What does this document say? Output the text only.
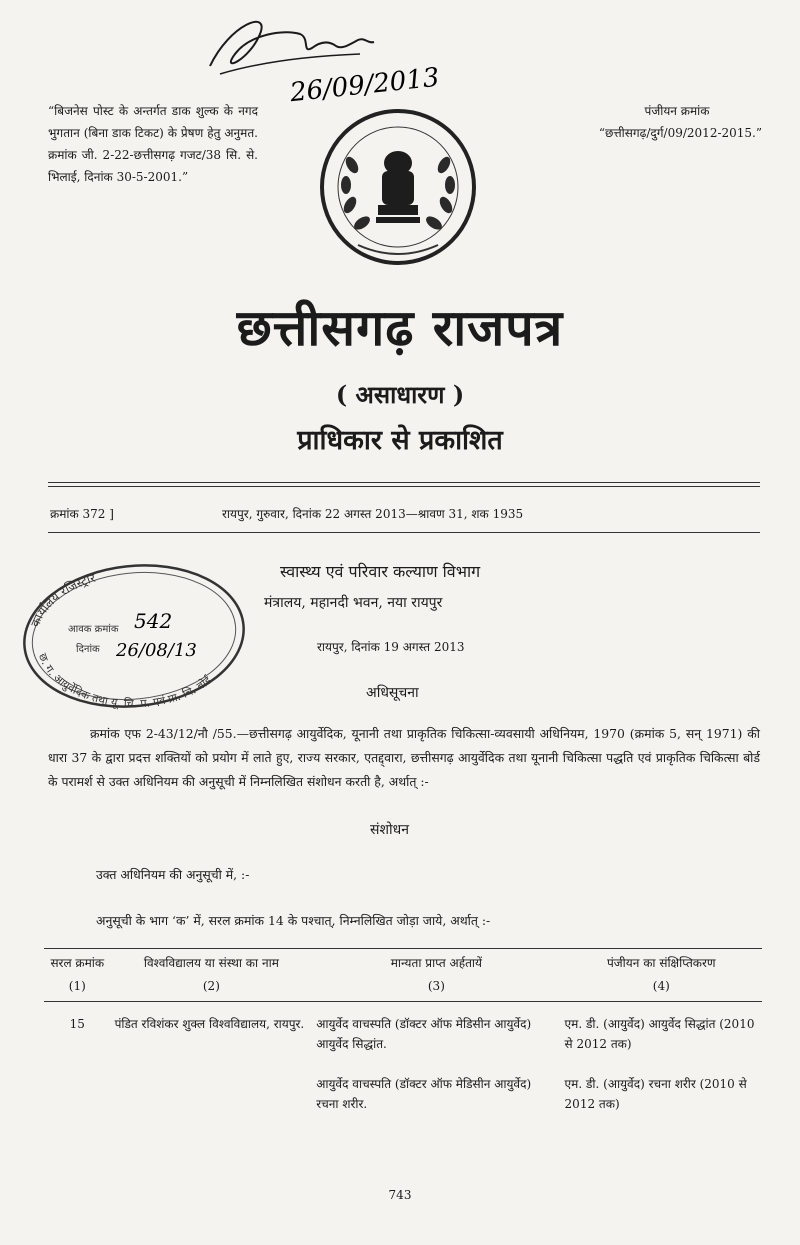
26/09/2013
“बिजनेस पोस्ट के अन्तर्गत डाक शुल्क के नगद भुगतान (बिना डाक टिकट) के प्रेषण हेतु अनुमत. क्रमांक जी. 2-22-छत्तीसगढ़ गजट/38 सि. से. भिलाई, दिनांक 30-5-2001.”
पंजीयन क्रमांक
“छत्तीसगढ़/दुर्ग/09/2012-2015.”
छत्तीसगढ़ राजपत्र
( असाधारण )
प्राधिकार से प्रकाशित
क्रमांक 372 ]	रायपुर, गुरुवार, दिनांक 22 अगस्त 2013—श्रावण 31, शक 1935
कार्यालय रजिस्ट्रार
छ. ग. आयुर्वेदिक तथा यू. चि. प. एवं प्रा. चि. बोर्ड
आवक क्रमांक 542
दिनांक 26/08/13
स्वास्थ्य एवं परिवार कल्याण विभाग
मंत्रालय, महानदी भवन, नया रायपुर
रायपुर, दिनांक 19 अगस्त 2013
अधिसूचना
क्रमांक एफ 2-43/12/नौ /55.—छत्तीसगढ़ आयुर्वेदिक, यूनानी तथा प्राकृतिक चिकित्सा-व्यवसायी अधिनियम, 1970 (क्रमांक 5, सन् 1971) की धारा 37 के द्वारा प्रदत्त शक्तियों को प्रयोग में लाते हुए, राज्य सरकार, एतद्द्वारा, छत्तीसगढ़ आयुर्वेदिक तथा यूनानी चिकित्सा पद्धति एवं प्राकृतिक चिकित्सा बोर्ड के परामर्श से उक्त अधिनियम की अनुसूची में निम्नलिखित संशोधन करती है, अर्थात् :-
संशोधन
उक्त अधिनियम की अनुसूची में, :-
अनुसूची के भाग ‘क’ में, सरल क्रमांक 14 के पश्चात्, निम्नलिखित जोड़ा जाये, अर्थात् :-
सरल क्रमांक	विश्वविद्यालय या संस्था का नाम	मान्यता प्राप्त अर्हतायें	पंजीयन का संक्षिप्तिकरण
(1)	(2)	(3)	(4)
15	पंडित रविशंकर शुक्ल विश्वविद्यालय, रायपुर.	आयुर्वेद वाचस्पति (डॉक्टर ऑफ मेडिसीन आयुर्वेद) आयुर्वेद सिद्धांत.	एम. डी. (आयुर्वेद) आयुर्वेद सिद्धांत (2010 से 2012 तक)
		आयुर्वेद वाचस्पति (डॉक्टर ऑफ मेडिसीन आयुर्वेद) रचना शरीर.	एम. डी. (आयुर्वेद) रचना शरीर (2010 से 2012 तक)
743
